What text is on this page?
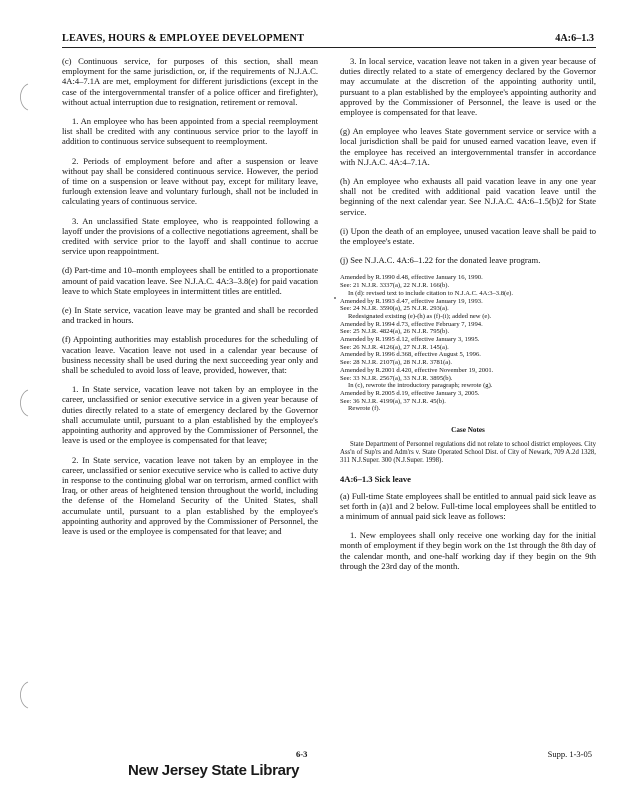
LEAVES, HOURS & EMPLOYEE DEVELOPMENT	4A:6–1.3

(c) Continuous service, for purposes of this section, shall mean employment for the same jurisdiction, or, if the requirements of N.J.A.C. 4A:4–7.1A are met, employment for different jurisdictions (except in the case of the intergovernmental transfer of a police officer and firefighter), without actual interruption due to resignation, retirement or removal.

1. An employee who has been appointed from a special reemployment list shall be credited with any continuous service prior to the layoff in addition to continuous service subsequent to reemployment.

2. Periods of employment before and after a suspension or leave without pay shall be considered continuous service. However, the period of time on a suspension or leave without pay, except for military leave, furlough extension leave and voluntary furlough, shall not be included in calculating years of continuous service.

3. An unclassified State employee, who is reappointed following a layoff under the provisions of a collective negotiations agreement, shall be credited with service prior to the layoff and shall continue to accrue service upon reappointment.

(d) Part-time and 10–month employees shall be entitled to a proportionate amount of paid vacation leave. See N.J.A.C. 4A:3–3.8(e) for paid vacation leave to which State employees in intermittent titles are entitled.

(e) In State service, vacation leave may be granted and shall be recorded and tracked in hours.

(f) Appointing authorities may establish procedures for the scheduling of vacation leave. Vacation leave not used in a calendar year because of business necessity shall be used during the next succeeding year only and shall be scheduled to avoid loss of leave, provided, however, that:

1. In State service, vacation leave not taken by an employee in the career, unclassified or senior executive service in a given year because of duties directly related to a state of emergency declared by the Governor shall accumulate until, pursuant to a plan established by the employee's appointing authority and approved by the Commissioner of Personnel, the leave is used or the employee is compensated for that leave;

2. In State service, vacation leave not taken by an employee in the career, unclassified or senior executive service who is called to active duty in response to the continuing global war on terrorism, armed conflict with Iraq, or other areas of heightened tension throughout the world, including the defense of the Homeland Security of the United States, shall accumulate until, pursuant to a plan established by the employee's appointing authority and approved by the Commissioner of Personnel, the leave is used or the employee is compensated for that leave; and

3. In local service, vacation leave not taken in a given year because of duties directly related to a state of emergency declared by the Governor may accumulate at the discretion of the appointing authority until, pursuant to a plan established by the employee's appointing authority and approved by the Commissioner of Personnel, the leave is used or the employee is compensated for that leave.

(g) An employee who leaves State government service or service with a local jurisdiction shall be paid for unused earned vacation leave, even if the employee has received an intergovernmental transfer in accordance with N.J.A.C. 4A:4–7.1A.

(h) An employee who exhausts all paid vacation leave in any one year shall not be credited with additional paid vacation leave until the beginning of the next calendar year. See N.J.A.C. 4A:6–1.5(b)2 for State service.

(i) Upon the death of an employee, unused vacation leave shall be paid to the employee's estate.

(j) See N.J.A.C. 4A:6–1.22 for the donated leave program.

Amended by R.1990 d.48, effective January 16, 1990.
See: 21 N.J.R. 3337(a), 22 N.J.R. 166(b).
In (d): revised text to include citation to N.J.A.C. 4A:3–3.8(e).
Amended by R.1993 d.47, effective January 19, 1993.
See: 24 N.J.R. 3590(a), 25 N.J.R. 293(a).
Redesignated existing (e)-(h) as (f)-(i); added new (e).
Amended by R.1994 d.73, effective February 7, 1994.
See: 25 N.J.R. 4824(a), 26 N.J.R. 795(b).
Amended by R.1995 d.12, effective January 3, 1995.
See: 26 N.J.R. 4126(a), 27 N.J.R. 145(a).
Amended by R.1996 d.368, effective August 5, 1996.
See: 28 N.J.R. 2107(a), 28 N.J.R. 3781(a).
Amended by R.2001 d.420, effective November 19, 2001.
See: 33 N.J.R. 2567(a), 33 N.J.R. 3895(b).
In (c), rewrote the introductory paragraph; rewrote (g).
Amended by R.2005 d.19, effective January 3, 2005.
See: 36 N.J.R. 4199(a), 37 N.J.R. 45(b).
Rewrote (f).
Case Notes

State Department of Personnel regulations did not relate to school district employees. City Ass'n of Sup'rs and Adm'rs v. State Operated School Dist. of City of Newark, 709 A.2d 1328, 311 N.J.Super. 300 (N.J.Super. 1998).

4A:6–1.3 Sick leave

(a) Full-time State employees shall be entitled to annual paid sick leave as set forth in (a)1 and 2 below. Full-time local employees shall be entitled to a minimum of annual paid sick leave as follows:

1. New employees shall only receive one working day for the initial month of employment if they begin work on the 1st through the 8th day of the calendar month, and one-half working day if they begin on the 9th through the 23rd day of the month.

6-3	Supp. 1-3-05
New Jersey State Library
